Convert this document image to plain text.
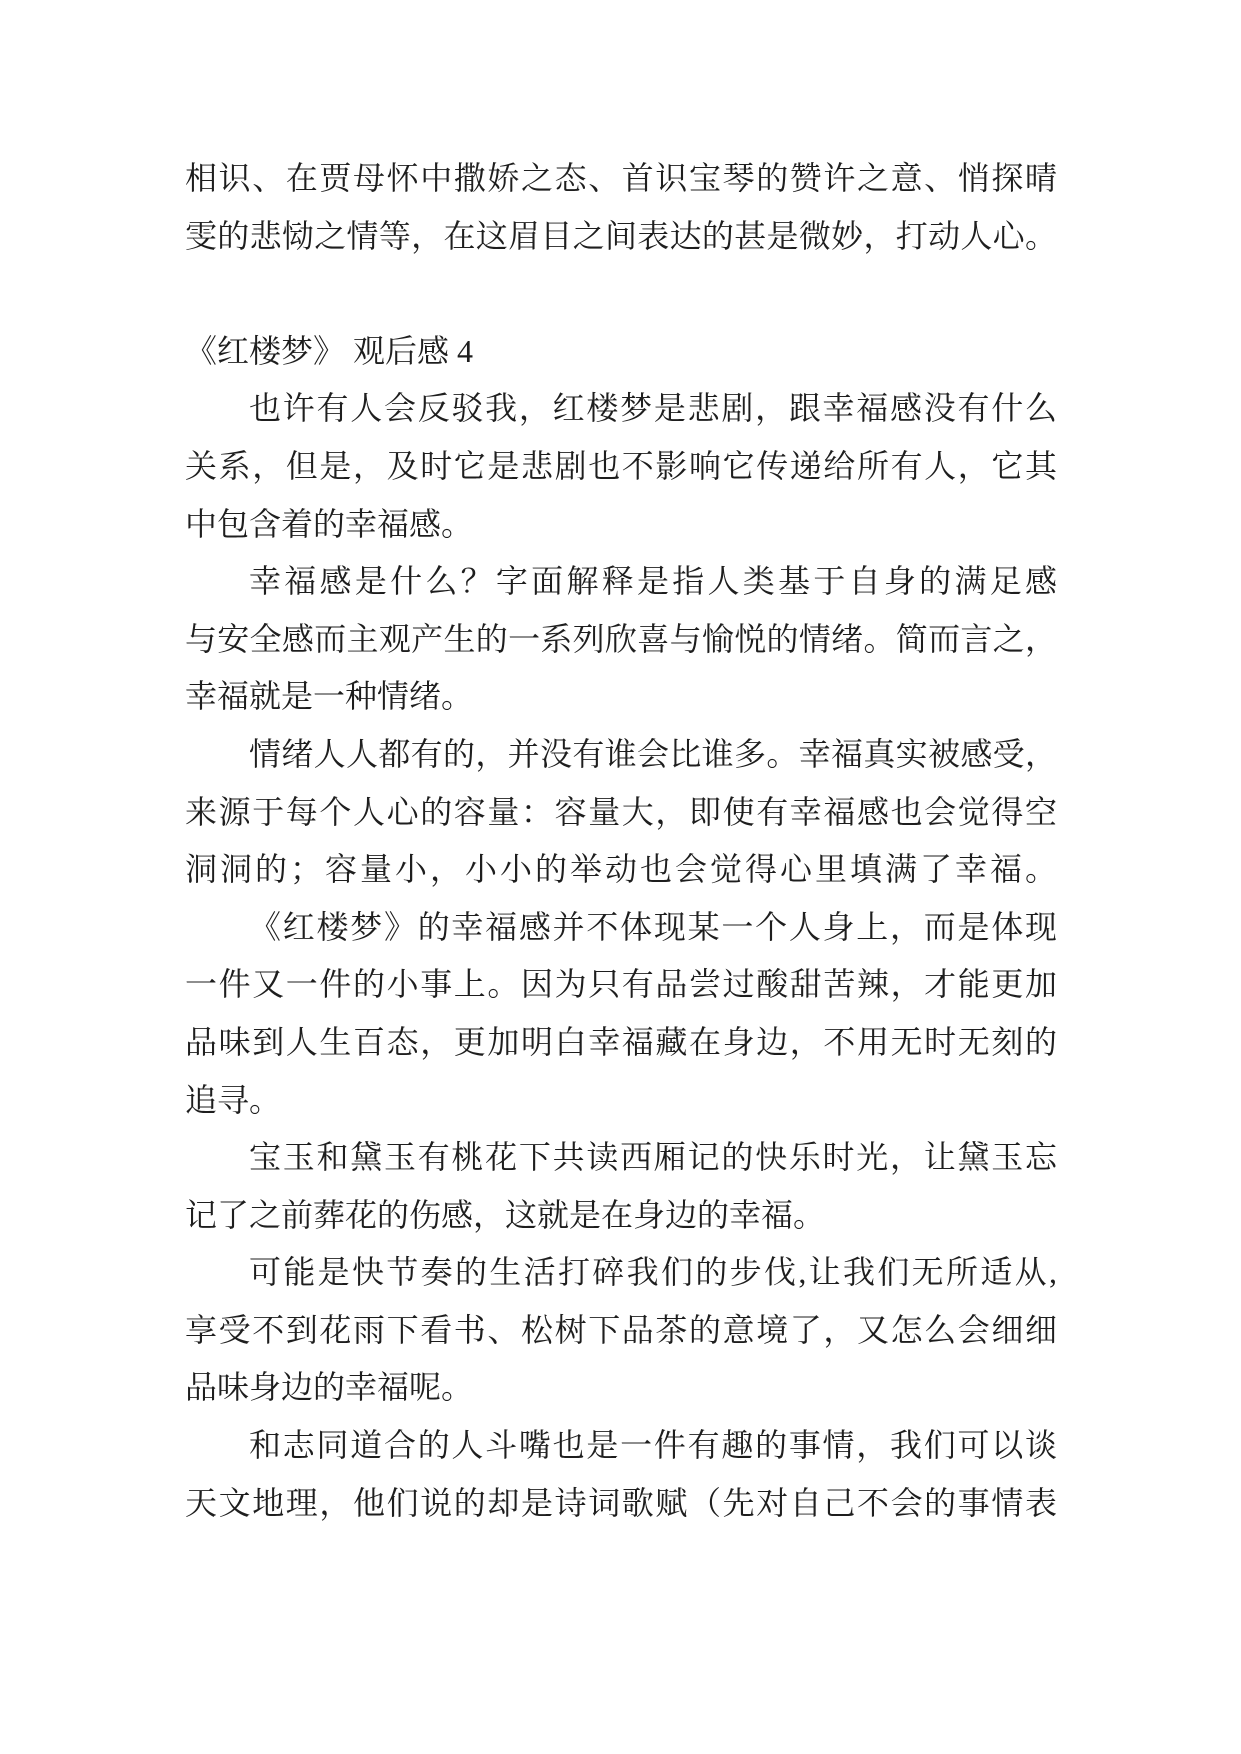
相识、在贾母怀中撒娇之态、首识宝琴的赞许之意、悄探晴
雯的悲恸之情等，在这眉目之间表达的甚是微妙，打动人心。
《红楼梦》 观后感 4
也许有人会反驳我，红楼梦是悲剧，跟幸福感没有什么
关系，但是，及时它是悲剧也不影响它传递给所有人，它其
中包含着的幸福感。
幸福感是什么？字面解释是指人类基于自身的满足感
与安全感而主观产生的一系列欣喜与愉悦的情绪。简而言之，
幸福就是一种情绪。
情绪人人都有的，并没有谁会比谁多。幸福真实被感受，
来源于每个人心的容量：容量大，即使有幸福感也会觉得空
洞洞的；容量小，小小的举动也会觉得心里填满了幸福。
《红楼梦》的幸福感并不体现某一个人身上，而是体现
一件又一件的小事上。因为只有品尝过酸甜苦辣，才能更加
品味到人生百态，更加明白幸福藏在身边，不用无时无刻的
追寻。
宝玉和黛玉有桃花下共读西厢记的快乐时光，让黛玉忘
记了之前葬花的伤感，这就是在身边的幸福。
可能是快节奏的生活打碎我们的步伐,让我们无所适从,
享受不到花雨下看书、松树下品茶的意境了，又怎么会细细
品味身边的幸福呢。
和志同道合的人斗嘴也是一件有趣的事情，我们可以谈
天文地理，他们说的却是诗词歌赋（先对自己不会的事情表
